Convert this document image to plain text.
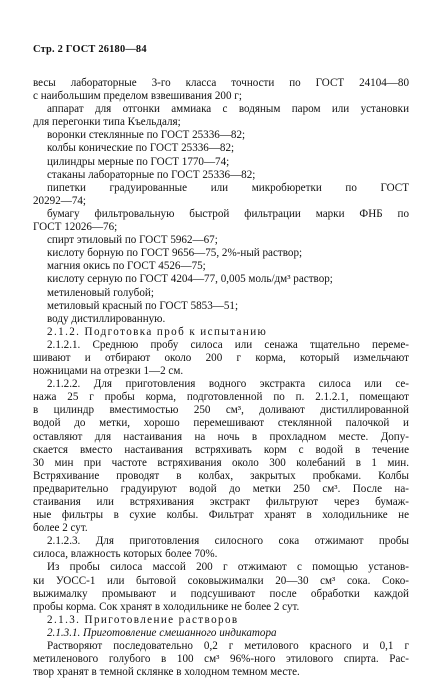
Стр. 2 ГОСТ 26180—84
весы лабораторные 3-го класса точности по ГОСТ 24104—80
с наибольшим пределом взвешивания 200 г;
аппарат для отгонки аммиака с водяным паром или установки
для перегонки типа Къельдаля;
воронки стеклянные по ГОСТ 25336—82;
колбы конические по ГОСТ 25336—82;
цилиндры мерные по ГОСТ 1770—74;
стаканы лабораторные по ГОСТ 25336—82;
пипетки градуированные или микробюретки по ГОСТ
20292—74;
бумагу фильтровальную быстрой фильтрации марки ФНБ по
ГОСТ 12026—76;
спирт этиловый по ГОСТ 5962—67;
кислоту борную по ГОСТ 9656—75, 2%-ный раствор;
магния окись по ГОСТ 4526—75;
кислоту серную по ГОСТ 4204—77, 0,005 моль/дм³ раствор;
метиленовый голубой;
метиловый красный по ГОСТ 5853—51;
воду дистиллированную.
2.1.2. Подготовка проб к испытанию
2.1.2.1. Среднюю пробу силоса или сенажа тщательно переме-
шивают и отбирают около 200 г корма, который измельчают
ножницами на отрезки 1—2 см.
2.1.2.2. Для приготовления водного экстракта силоса или се-
нажа 25 г пробы корма, подготовленной по п. 2.1.2.1, помещают
в цилиндр вместимостью 250 см³, доливают дистиллированной
водой до метки, хорошо перемешивают стеклянной палочкой и
оставляют для настаивания на ночь в прохладном месте. Допу-
скается вместо настаивания встряхивать корм с водой в течение
30 мин при частоте встряхивания около 300 колебаний в 1 мин.
Встряхивание проводят в колбах, закрытых пробками. Колбы
предварительно градуируют водой до метки 250 см³. После на-
стаивания или встряхивания экстракт фильтруют через бумаж-
ные фильтры в сухие колбы. Фильтрат хранят в холодильнике не
более 2 сут.
2.1.2.3. Для приготовления силосного сока отжимают пробы
силоса, влажность которых более 70%.
Из пробы силоса массой 200 г отжимают с помощью установ-
ки УОСС-1 или бытовой соковыжималки 20—30 см³ сока. Соко-
выжималку промывают и подсушивают после обработки каждой
пробы корма. Сок хранят в холодильнике не более 2 сут.
2.1.3. Приготовление растворов
2.1.3.1. Приготовление смешанного индикатора
Растворяют последовательно 0,2 г метилового красного и 0,1 г
метиленового голубого в 100 см³ 96%-ного этилового спирта. Рас-
твор хранят в темной склянке в холодном темном месте.
